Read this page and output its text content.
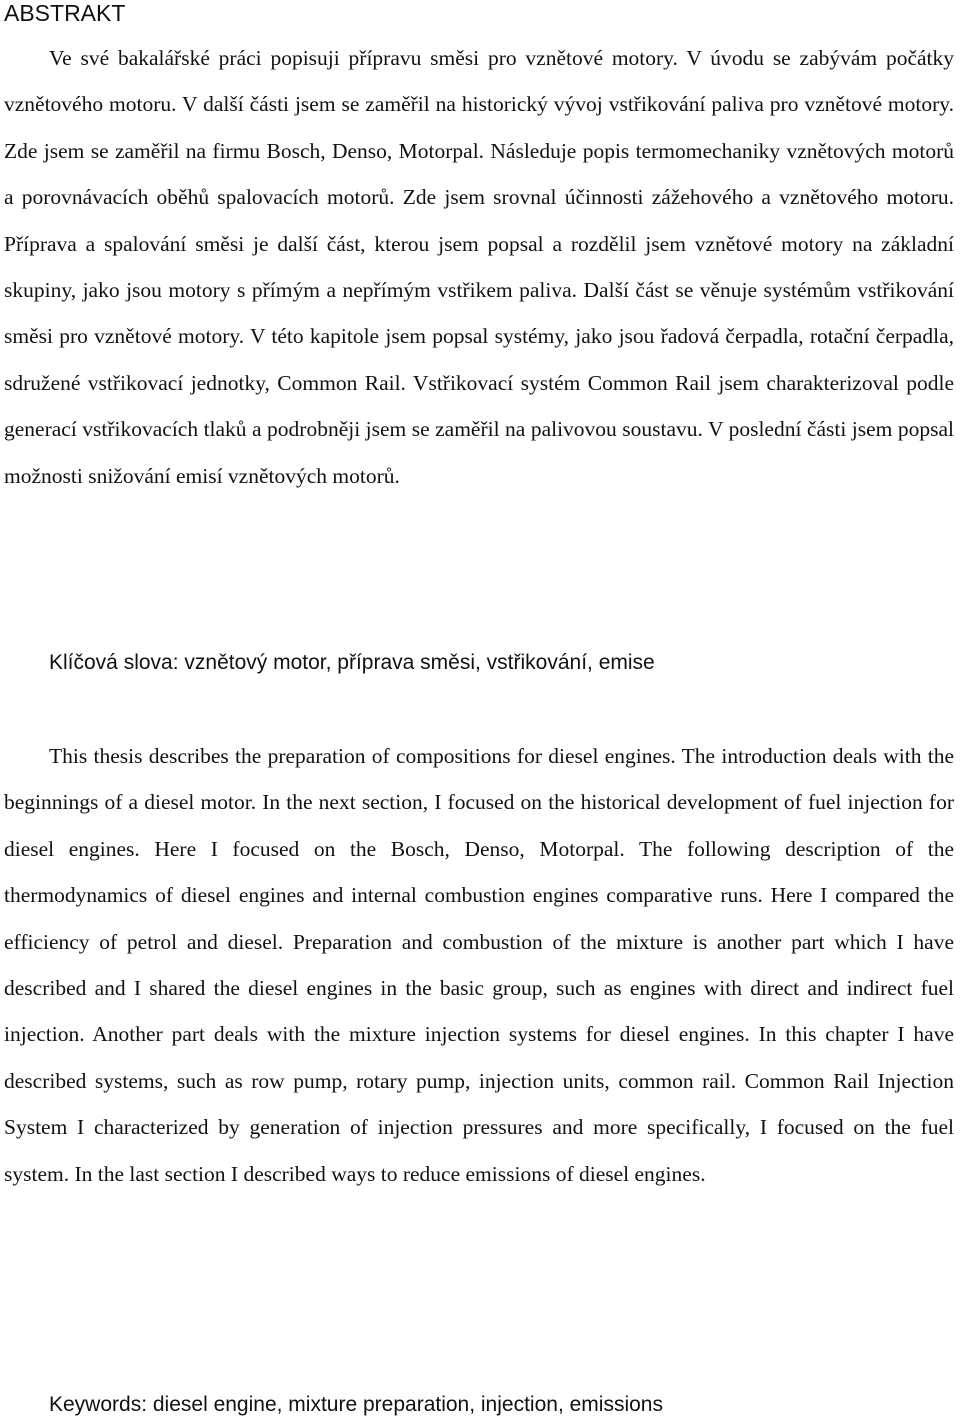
ABSTRAKT

Ve své bakalářské práci popisuji přípravu směsi pro vznětové motory. V úvodu se zabývám počátky vznětového motoru. V další části jsem se zaměřil na historický vývoj vstřikování paliva pro vznětové motory. Zde jsem se zaměřil na firmu Bosch, Denso, Motorpal. Následuje popis termomechaniky vznětových motorů a porovnávacích oběhů spalovacích motorů. Zde jsem srovnal účinnosti zážehového a vznětového motoru. Příprava a spalování směsi je další část, kterou jsem popsal a rozdělil jsem vznětové motory na základní skupiny, jako jsou motory s přímým a nepřímým vstřikem paliva. Další část se věnuje systémům vstřikování směsi pro vznětové motory. V této kapitole jsem popsal systémy, jako jsou řadová čerpadla, rotační čerpadla, sdružené vstřikovací jednotky, Common Rail. Vstřikovací systém Common Rail jsem charakterizoval podle generací vstřikovacích tlaků a podrobněji jsem se zaměřil na palivovou soustavu. V poslední části jsem popsal možnosti snižování emisí vznětových motorů.

Klíčová slova: vznětový motor, příprava směsi, vstřikování, emise

This thesis describes the preparation of compositions for diesel engines. The introduction deals with the beginnings of a diesel motor. In the next section, I focused on the historical development of fuel injection for diesel engines. Here I focused on the Bosch, Denso, Motorpal. The following description of the thermodynamics of diesel engines and internal combustion engines comparative runs. Here I compared the efficiency of petrol and diesel. Preparation and combustion of the mixture is another part which I have described and I shared the diesel engines in the basic group, such as engines with direct and indirect fuel injection. Another part deals with the mixture injection systems for diesel engines. In this chapter I have described systems, such as row pump, rotary pump, injection units, common rail. Common Rail Injection System I characterized by generation of injection pressures and more specifically, I focused on the fuel system. In the last section I described ways to reduce emissions of diesel engines.

Keywords: diesel engine, mixture preparation, injection, emissions
